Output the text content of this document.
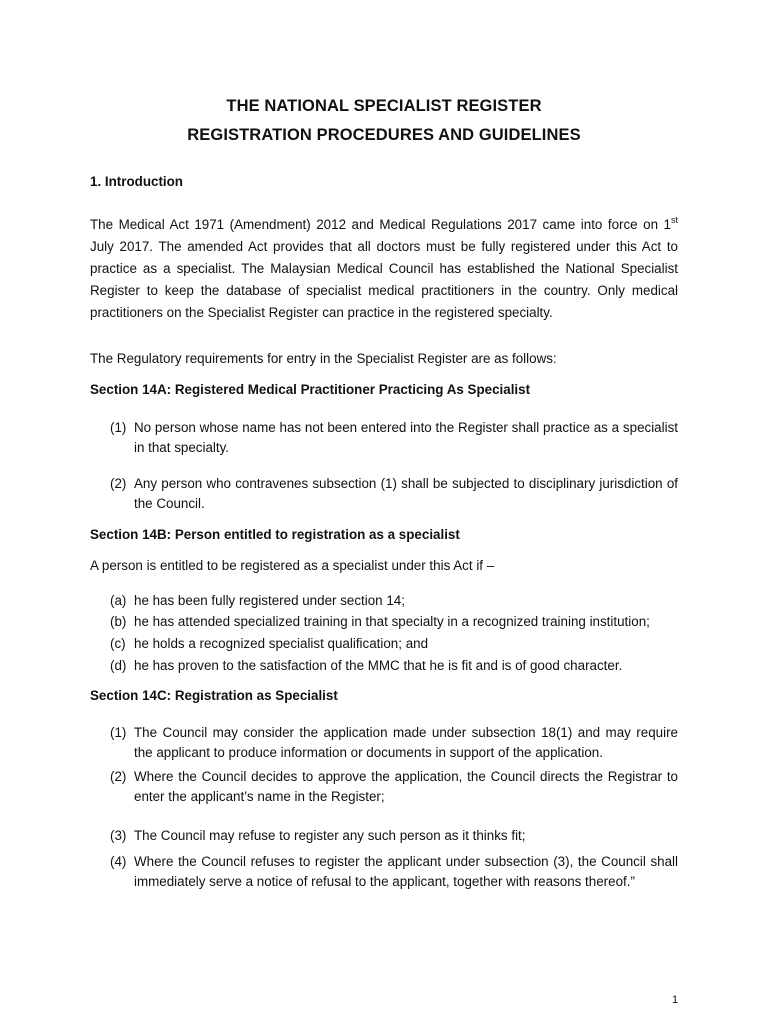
THE NATIONAL SPECIALIST REGISTER
REGISTRATION PROCEDURES AND GUIDELINES
1. Introduction
The Medical Act 1971 (Amendment) 2012 and Medical Regulations 2017 came into force on 1st
July 2017. The amended Act provides that all doctors must be fully registered under this Act to practice as a specialist. The Malaysian Medical Council has established the National Specialist Register to keep the database of specialist medical practitioners in the country. Only medical practitioners on the Specialist Register can practice in the registered specialty.
The Regulatory requirements for entry in the Specialist Register are as follows:
Section 14A: Registered Medical Practitioner Practicing As Specialist
(1) No person whose name has not been entered into the Register shall practice as a specialist in that specialty.
(2) Any person who contravenes subsection (1) shall be subjected to disciplinary jurisdiction of the Council.
Section 14B: Person entitled to registration as a specialist
A person is entitled to be registered as a specialist under this Act if –
(a) he has been fully registered under section 14;
(b) he has attended specialized training in that specialty in a recognized training institution;
(c) he holds a recognized specialist qualification; and
(d) he has proven to the satisfaction of the MMC that he is fit and is of good character.
Section 14C: Registration as Specialist
(1) The Council may consider the application made under subsection 18(1) and may require the applicant to produce information or documents in support of the application.
(2) Where the Council decides to approve the application, the Council directs the Registrar to enter the applicant’s name in the Register;
(3) The Council may refuse to register any such person as it thinks fit;
(4) Where the Council refuses to register the applicant under subsection (3), the Council shall immediately serve a notice of refusal to the applicant, together with reasons thereof.”
1
